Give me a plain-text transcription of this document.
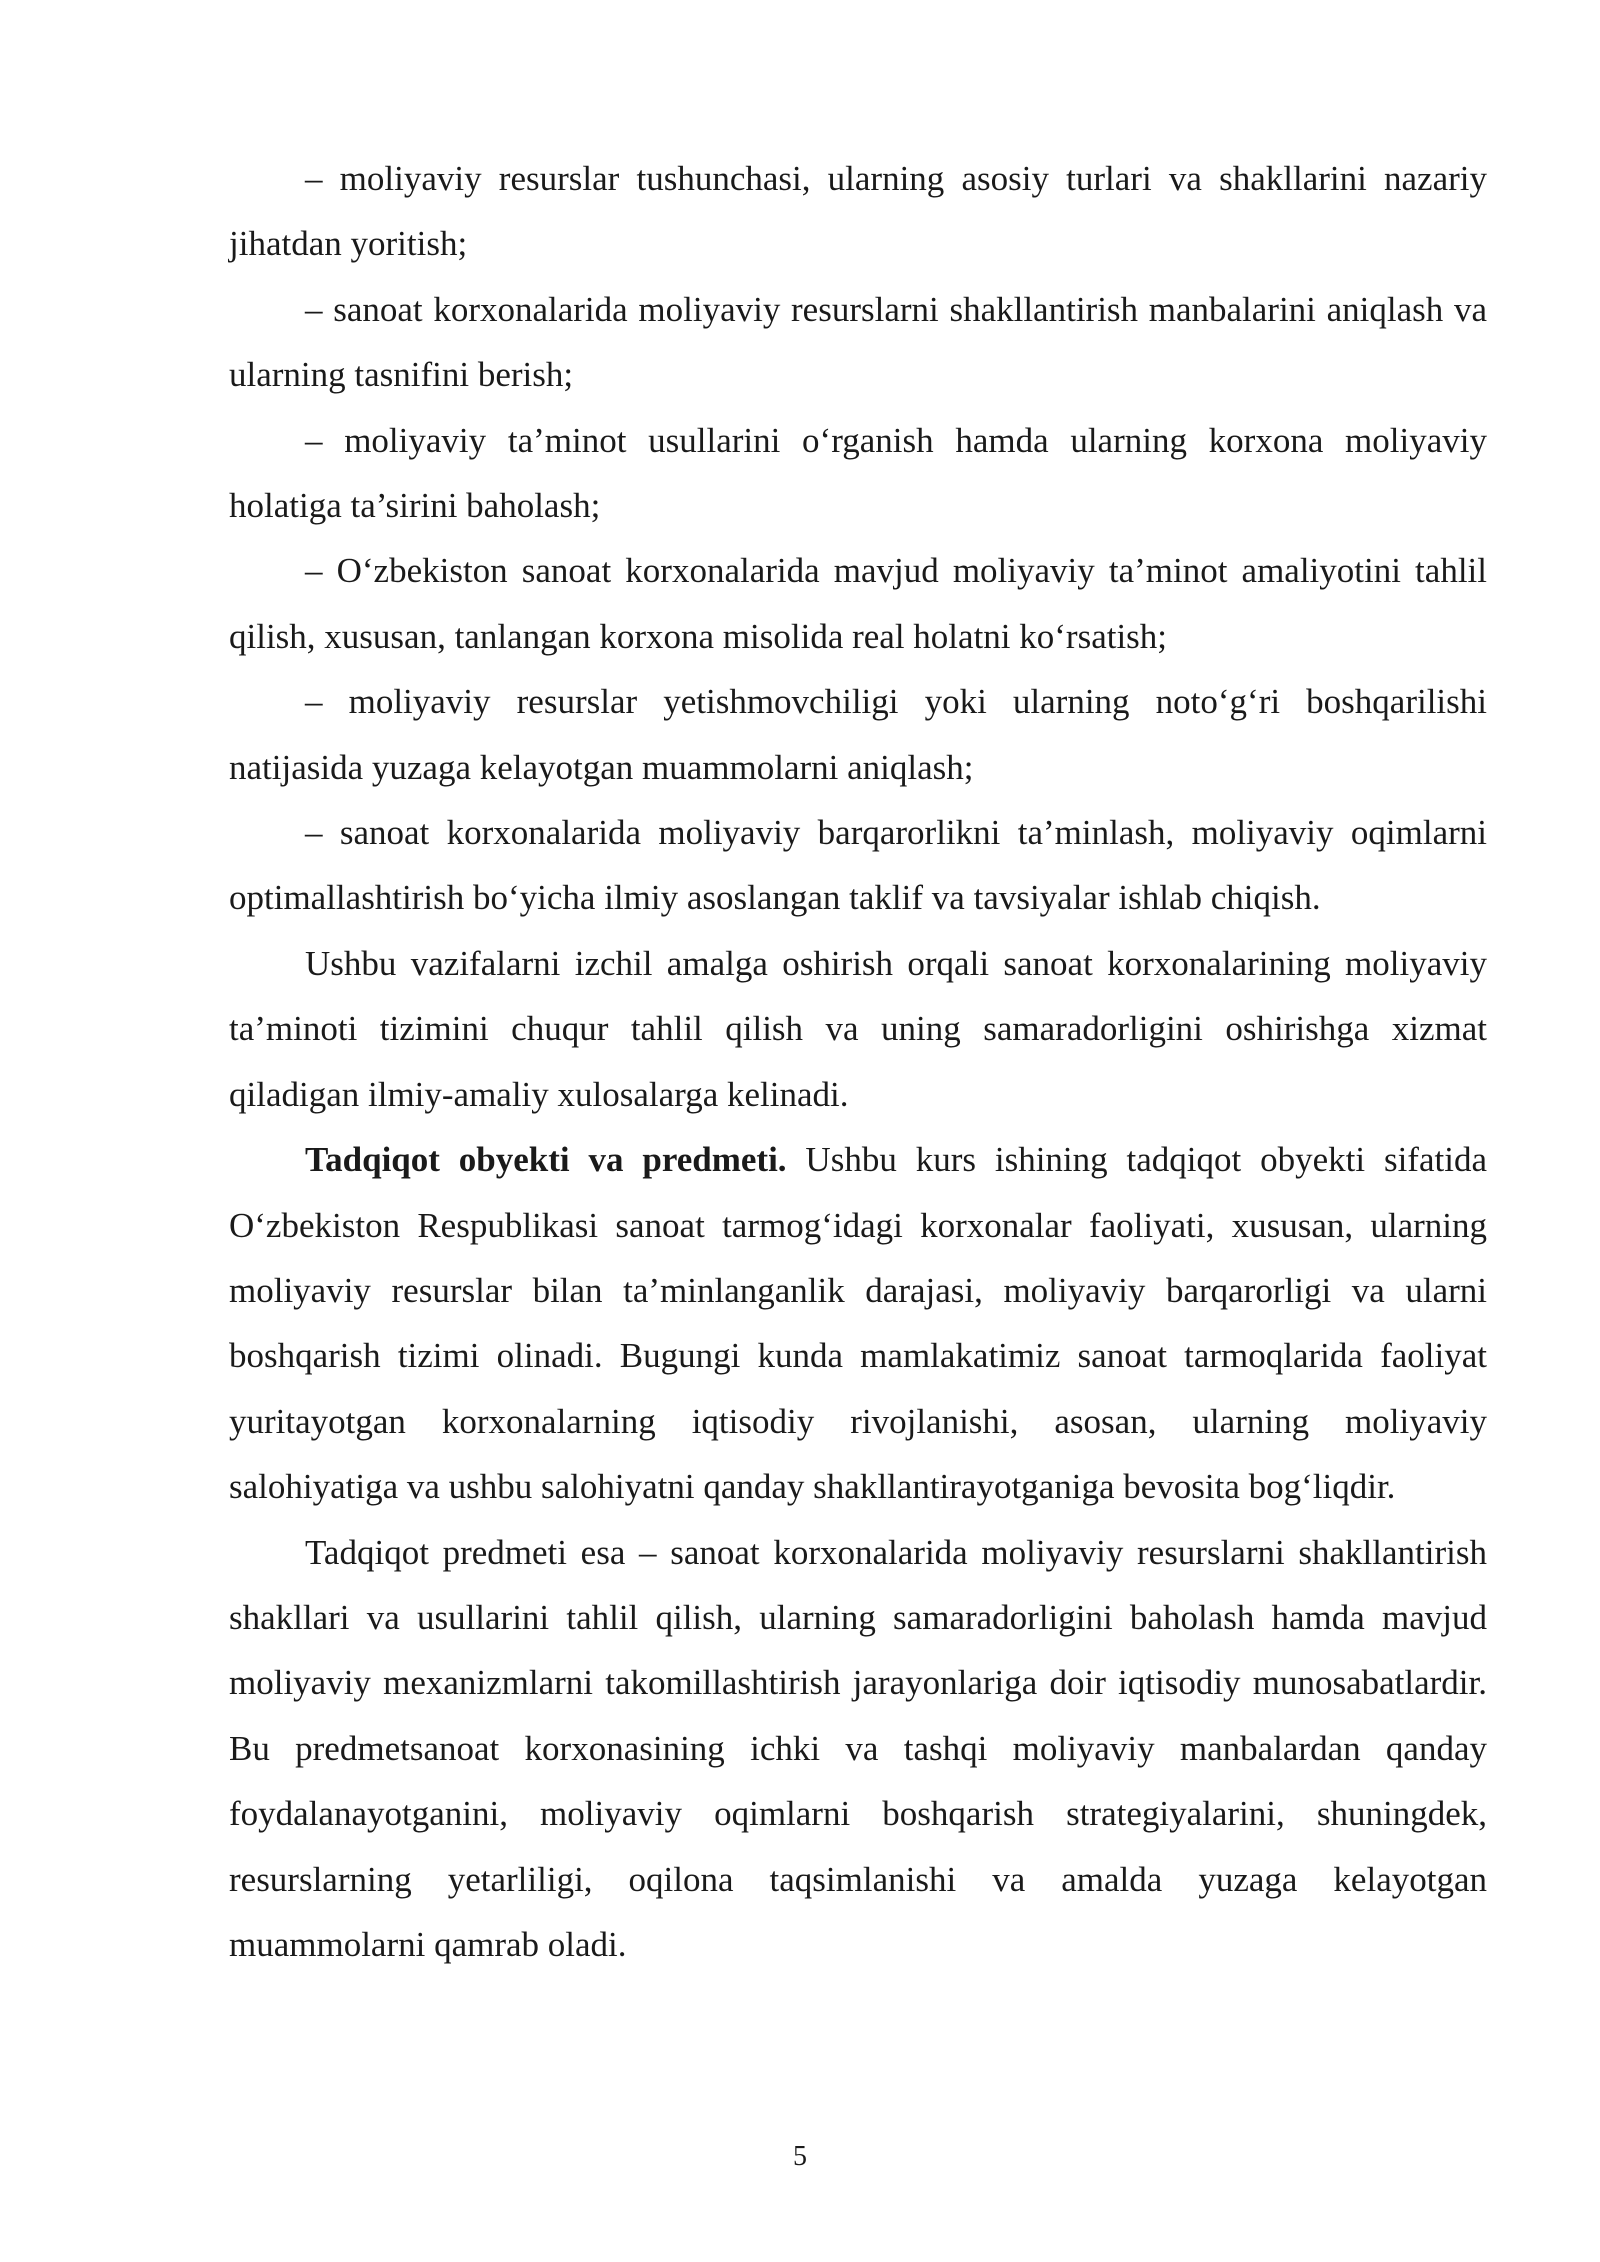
– moliyaviy resurslar tushunchasi, ularning asosiy turlari va shakllarini nazariy jihatdan yoritish;

– sanoat korxonalarida moliyaviy resurslarni shakllantirish manbalarini aniqlash va ularning tasnifini berish;

– moliyaviy ta’minot usullarini o‘rganish hamda ularning korxona moliyaviy holatiga ta’sirini baholash;

– O‘zbekiston sanoat korxonalarida mavjud moliyaviy ta’minot amaliyotini tahlil qilish, xususan, tanlangan korxona misolida real holatni ko‘rsatish;

– moliyaviy resurslar yetishmovchiligi yoki ularning noto‘g‘ri boshqarilishi natijasida yuzaga kelayotgan muammolarni aniqlash;

– sanoat korxonalarida moliyaviy barqarorlikni ta’minlash, moliyaviy oqimlarni optimallashtirish bo‘yicha ilmiy asoslangan taklif va tavsiyalar ishlab chiqish.

Ushbu vazifalarni izchil amalga oshirish orqali sanoat korxonalarining moliyaviy ta’minoti tizimini chuqur tahlil qilish va uning samaradorligini oshirishga xizmat qiladigan ilmiy-amaliy xulosalarga kelinadi.

Tadqiqot obyekti va predmeti. Ushbu kurs ishining tadqiqot obyekti sifatida O‘zbekiston Respublikasi sanoat tarmog‘idagi korxonalar faoliyati, xususan, ularning moliyaviy resurslar bilan ta’minlanganlik darajasi, moliyaviy barqarorligi va ularni boshqarish tizimi olinadi. Bugungi kunda mamlakatimiz sanoat tarmoqlarida faoliyat yuritayotgan korxonalarning iqtisodiy rivojlanishi, asosan, ularning moliyaviy salohiyatiga va ushbu salohiyatni qanday shakllantirayotganiga bevosita bog‘liqdir.

Tadqiqot predmeti esa – sanoat korxonalarida moliyaviy resurslarni shakllantirish shakllari va usullarini tahlil qilish, ularning samaradorligini baholash hamda mavjud moliyaviy mexanizmlarni takomillashtirish jarayonlariga doir iqtisodiy munosabatlardir. Bu predmetsanoat korxonasining ichki va tashqi moliyaviy manbalardan qanday foydalanayotganini, moliyaviy oqimlarni boshqarish strategiyalarini, shuningdek, resurslarning yetarliligi, oqilona taqsimlanishi va amalda yuzaga kelayotgan muammolarni qamrab oladi.

5
